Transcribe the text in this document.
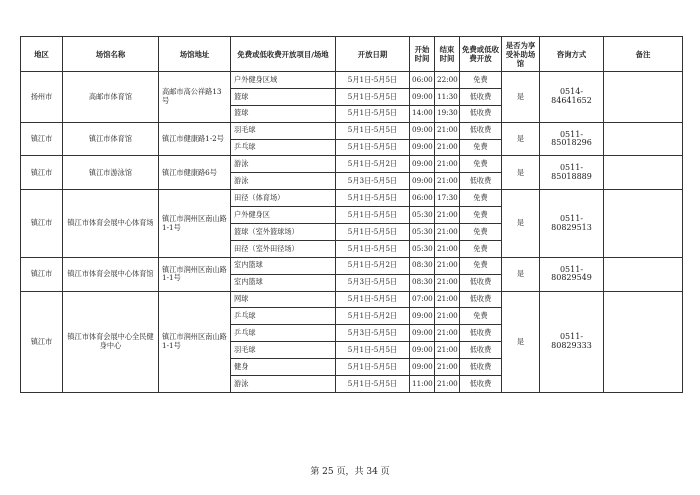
地区	场馆名称	场馆地址	免费或低收费开放项目/场地	开放日期	开始时间	结束时间	免费或低收费开放	是否为享受补助场馆	咨询方式	备注
扬州市	高邮市体育馆	高邮市高公祥路13号	户外健身区域	5月1日-5月5日	06:00	22:00	免费	是	0514-84641652	
			篮球	5月1日-5月5日	09:00	11:30	低收费			
			篮球	5月1日-5月5日	14:00	19:30	低收费			
镇江市	镇江市体育馆	镇江市健康路1-2号	羽毛球	5月1日-5月5日	09:00	21:00	低收费	是	0511-85018296	
			乒乓球	5月1日-5月5日	09:00	21:00	免费			
镇江市	镇江市游泳馆	镇江市健康路6号	游泳	5月1日-5月2日	09:00	21:00	免费	是	0511-85018889	
			游泳	5月3日-5月5日	09:00	21:00	低收费			
镇江市	镇江市体育会展中心体育场	镇江市润州区南山路1-1号	田径（体育场）	5月1日-5月5日	06:00	17:30	免费	是	0511-80829513	
			户外健身区	5月1日-5月5日	05:30	21:00	免费			
			篮球（室外篮球场）	5月1日-5月5日	05:30	21:00	免费			
			田径（室外田径场）	5月1日-5月5日	05:30	21:00	免费			
镇江市	镇江市体育会展中心体育馆	镇江市润州区南山路1-1号	室内篮球	5月1日-5月2日	08:30	21:00	免费	是	0511-80829549	
			室内篮球	5月3日-5月5日	08:30	21:00	低收费			
镇江市	镇江市体育会展中心全民健身中心	镇江市润州区南山路1-1号	网球	5月1日-5月5日	07:00	21:00	低收费	是	0511-80829333	
			乒乓球	5月1日-5月2日	09:00	21:00	免费			
			乒乓球	5月3日-5月5日	09:00	21:00	低收费			
			羽毛球	5月1日-5月5日	09:00	21:00	低收费			
			健身	5月1日-5月5日	09:00	21:00	低收费			
			游泳	5月1日-5月5日	11:00	21:00	低收费			
第 25 页，共 34 页
